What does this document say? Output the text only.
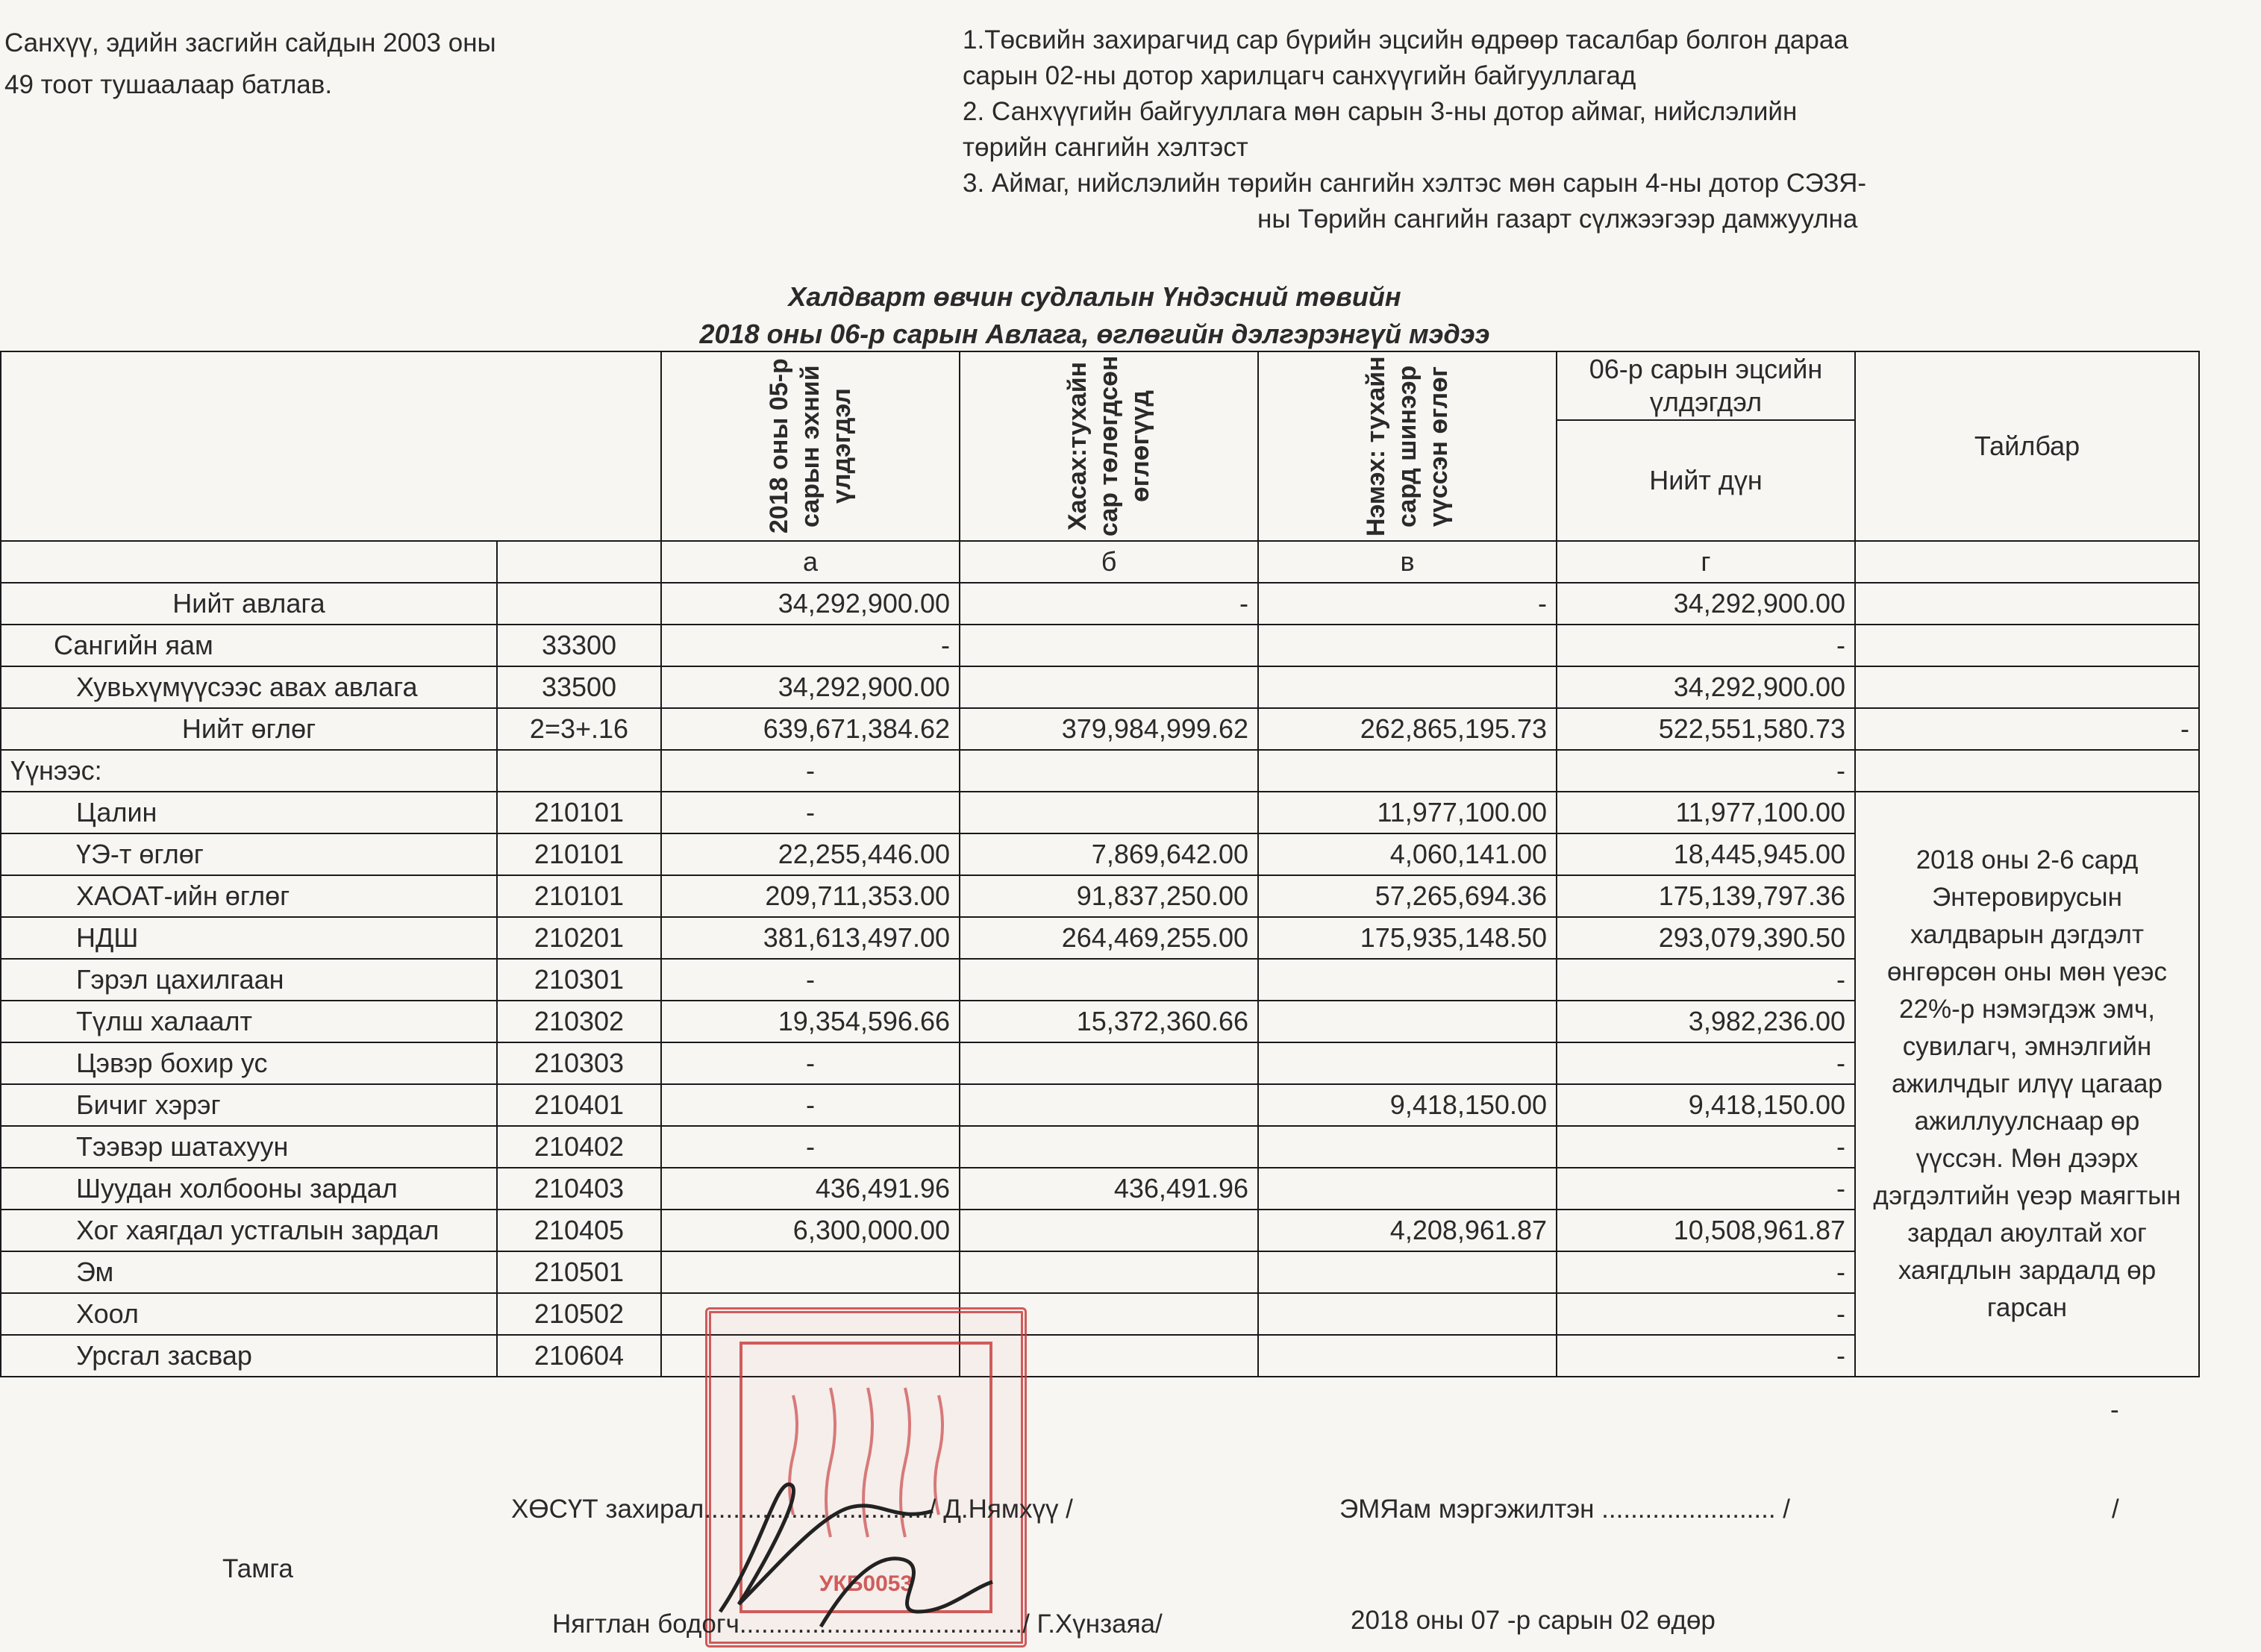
Санхүү, эдийн засгийн сайдын 2003 оны
49 тоот тушаалаар батлав.
1.Төсвийн захирагчид сар бүрийн эцсийн өдрөөр тасалбар болгон дараа
сарын 02-ны дотор харилцагч санхүүгийн байгууллагад
2. Санхүүгийн байгууллага мөн сарын 3-ны дотор аймаг, нийслэлийн
төрийн сангийн хэлтэст
3. Аймаг, нийслэлийн төрийн сангийн хэлтэс мөн сарын 4-ны дотор СЭЗЯ-
ны Төрийн сангийн газарт сүлжээгээр дамжуулна
Халдварт өвчин судлалын Үндэсний төвийн
2018 оны 06-р сарын Авлага, өглөгийн дэлгэрэнгүй мэдээ

		2018 оны 05-р сарын эхний үлдэгдэл	Хасах:тухайн сар төлөгдсөн өглөгүүд	Нэмэх: тухайн сард шинээр үүссэн өглөг	06-р сарын эцсийн үлдэгдэл	Тайлбар
					Нийт дүн	
		а	б	в	г	
Нийт авлага		34,292,900.00	-	-	34,292,900.00	
Сангийн яам	33300	-			-	
Хувьхүмүүсээс авах авлага	33500	34,292,900.00			34,292,900.00	
Нийт өглөг	2=3+.16	639,671,384.62	379,984,999.62	262,865,195.73	522,551,580.73	-
Үүнээс:		-			-	
Цалин	210101	-		11,977,100.00	11,977,100.00	2018 оны 2-6 сард Энтеровирусын халдварын дэгдэлт өнгөрсөн оны мөн үеэс 22%-р нэмэгдэж эмч, сувилагч, эмнэлгийн ажилчдыг илүү цагаар ажиллуулснаар өр үүссэн. Мөн дээрх дэгдэлтийн үеэр маягтын зардал аюултай хог хаягдлын зардалд өр гарсан
ҮЭ-т өглөг	210101	22,255,446.00	7,869,642.00	4,060,141.00	18,445,945.00	
ХАОАТ-ийн өглөг	210101	209,711,353.00	91,837,250.00	57,265,694.36	175,139,797.36	
НДШ	210201	381,613,497.00	264,469,255.00	175,935,148.50	293,079,390.50	
Гэрэл цахилгаан	210301	-			-	
Түлш халаалт	210302	19,354,596.66	15,372,360.66		3,982,236.00	
Цэвэр бохир ус	210303	-			-	
Бичиг хэрэг	210401	-		9,418,150.00	9,418,150.00	
Тээвэр шатахуун	210402	-			-	
Шуудан холбооны зардал	210403	436,491.96	436,491.96		-	
Хог хаягдал устгалын зардал	210405	6,300,000.00		4,208,961.87	10,508,961.87	
Эм	210501				-	
Хоол	210502				-	
Урсгал засвар	210604				-	
-
УКБ0053
ХӨСҮТ захирал.............................../ Д.Нямхүү /	ЭМЯам мэргэжилтэн ........................ /	/
Тамга
Нягтлан бодогч......................................./ Г.Хүнзаяа/	2018 оны 07 -р сарын 02 өдөр
